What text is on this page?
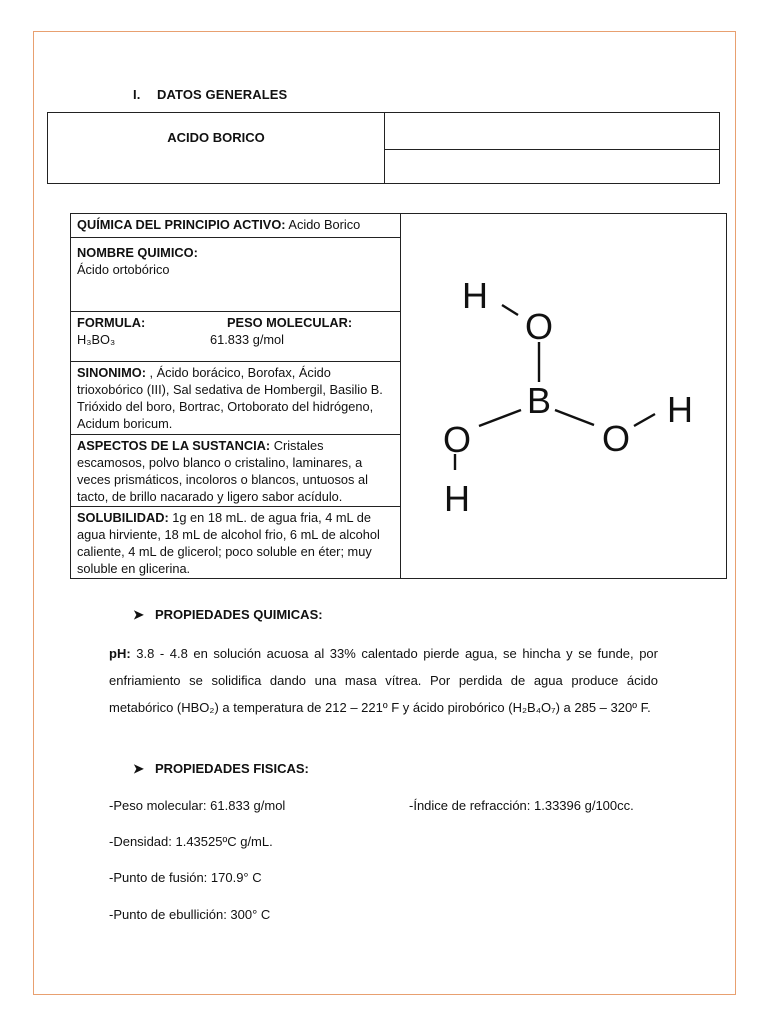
I. DATOS GENERALES
ACIDO BORICO
QUÍMICA DEL PRINCIPIO ACTIVO: Acido Borico
NOMBRE QUIMICO:
Ácido ortobórico
FORMULA:	PESO MOLECULAR:
H₃BO₃	61.833 g/mol
SINONIMO: , Ácido borácico, Borofax, Ácido trioxobórico (III), Sal sedativa de Hombergil, Basilio B. Trióxido del boro, Bortrac, Ortoborato del hidrógeno, Acidum boricum.
ASPECTOS DE LA SUSTANCIA: Cristales escamosos, polvo blanco o cristalino, laminares, a veces prismáticos, incoloros o blancos, untuosos al tacto, de brillo nacarado y ligero sabor acídulo.
SOLUBILIDAD: 1g en 18 mL. de agua fria, 4 mL de agua hirviente, 18 mL de alcohol frio, 6 mL de alcohol caliente, 4 mL de glicerol; poco soluble en éter; muy soluble en glicerina.
H
O
B
O	O
H
H
➤ PROPIEDADES QUIMICAS:
pH: 3.8 - 4.8 en solución acuosa al 33% calentado pierde agua, se hincha y se funde, por enfriamiento se solidifica dando una masa vítrea. Por perdida de agua produce ácido metabórico (HBO₂) a temperatura de 212 – 221º F y ácido pirobórico (H₂B₄O₇) a 285 – 320º F.
➤ PROPIEDADES FISICAS:
-Peso molecular: 61.833 g/mol	-Índice de refracción: 1.33396 g/100cc.
-Densidad: 1.43525ºC g/mL.
-Punto de fusión: 170.9° C
-Punto de ebullición: 300° C
